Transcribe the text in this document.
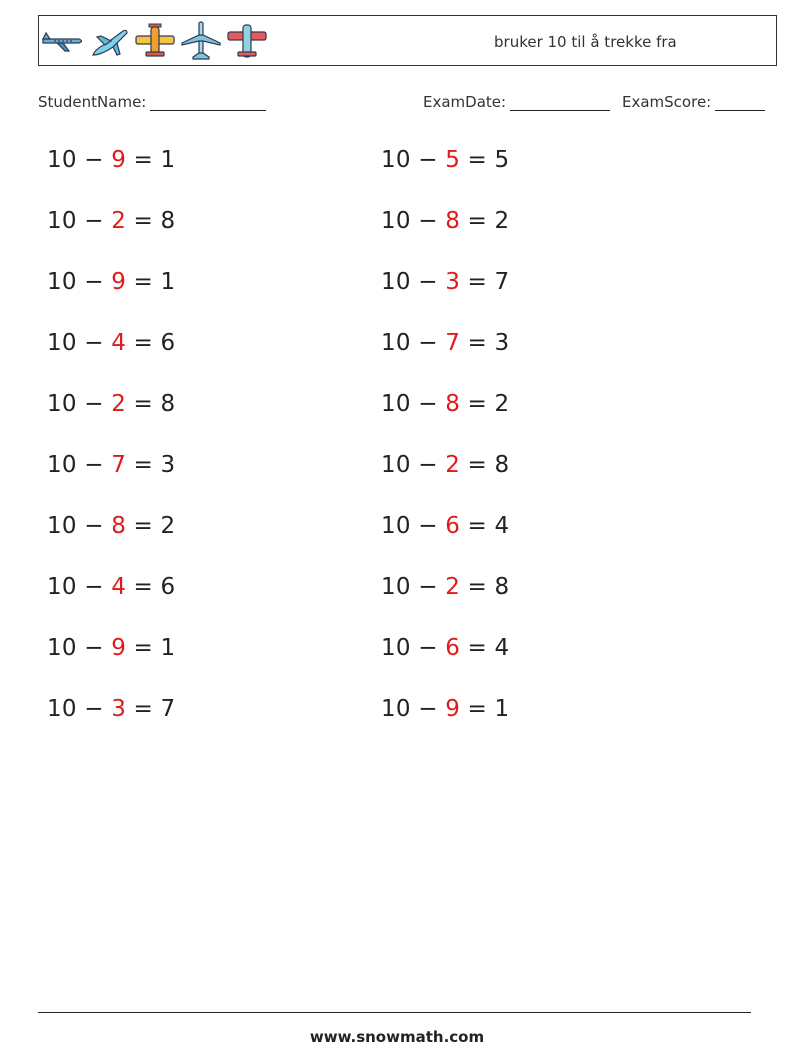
bruker 10 til å trekke fra
StudentName:	ExamDate:	ExamScore:
10 − 9 = 1
10 − 2 = 8
10 − 9 = 1
10 − 4 = 6
10 − 2 = 8
10 − 7 = 3
10 − 8 = 2
10 − 4 = 6
10 − 9 = 1
10 − 3 = 7
10 − 5 = 5
10 − 8 = 2
10 − 3 = 7
10 − 7 = 3
10 − 8 = 2
10 − 2 = 8
10 − 6 = 4
10 − 2 = 8
10 − 6 = 4
10 − 9 = 1
www.snowmath.com
